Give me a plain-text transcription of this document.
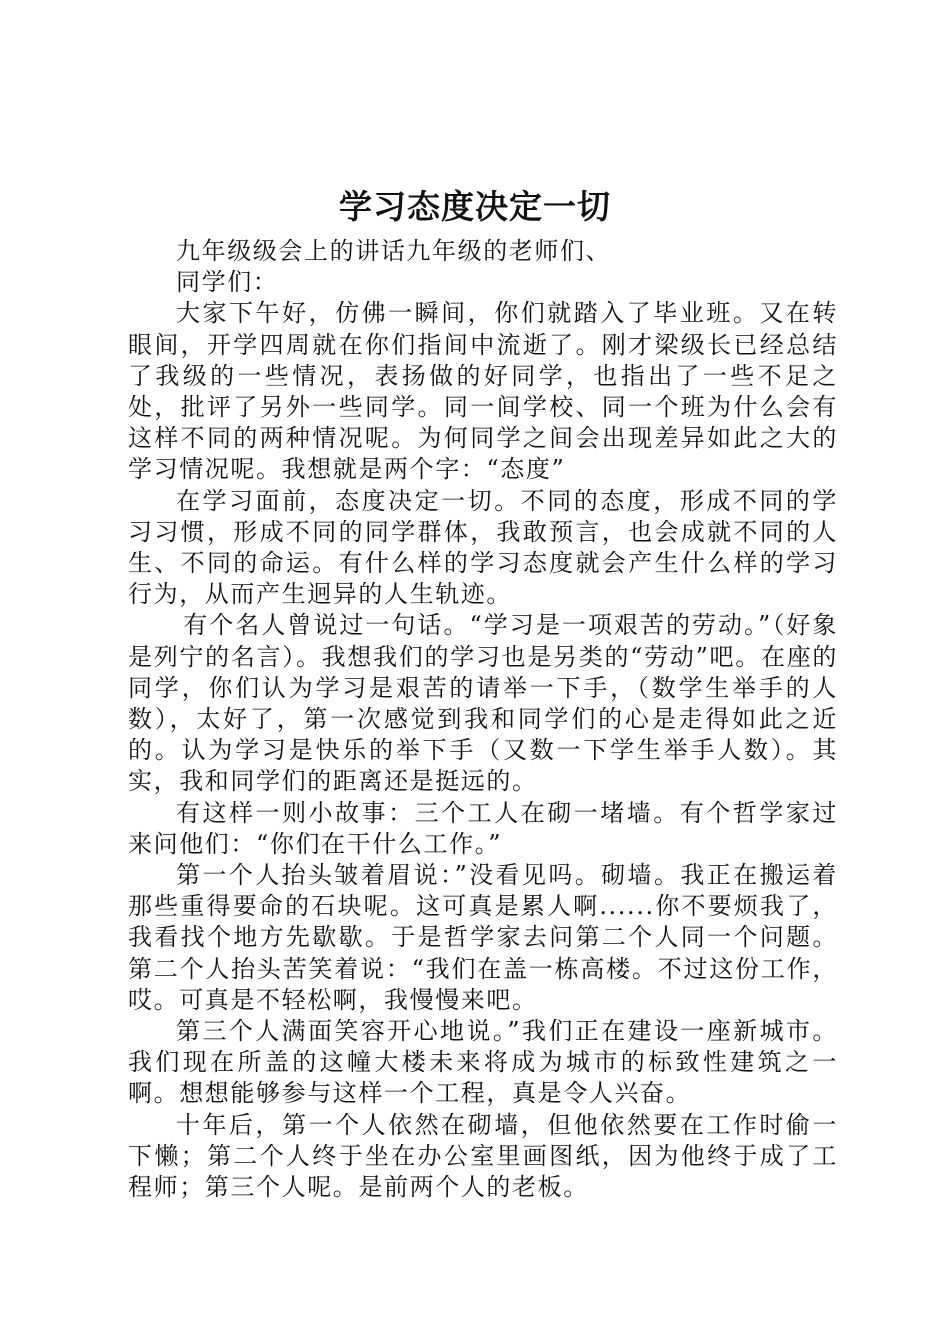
学习态度决定一切

九年级级会上的讲话九年级的老师们、

同学们：

大家下午好，仿佛一瞬间，你们就踏入了毕业班。又在转眼间，开学四周就在你们指间中流逝了。刚才梁级长已经总结了我级的一些情况，表扬做的好同学，也指出了一些不足之处，批评了另外一些同学。同一间学校、同一个班为什么会有这样不同的两种情况呢。为何同学之间会出现差异如此之大的学习情况呢。我想就是两个字：“态度”

在学习面前，态度决定一切。不同的态度，形成不同的学习习惯，形成不同的同学群体，我敢预言，也会成就不同的人生、不同的命运。有什么样的学习态度就会产生什么样的学习行为，从而产生迥异的人生轨迹。

有个名人曾说过一句话。“学习是一项艰苦的劳动。”（好象是列宁的名言）。我想我们的学习也是另类的“劳动”吧。在座的同学，你们认为学习是艰苦的请举一下手，（数学生举手的人数），太好了，第一次感觉到我和同学们的心是走得如此之近的。认为学习是快乐的举下手（又数一下学生举手人数）。其实，我和同学们的距离还是挺远的。

有这样一则小故事：三个工人在砌一堵墙。有个哲学家过来问他们：“你们在干什么工作。”

第一个人抬头皱着眉说：”没看见吗。砌墙。我正在搬运着那些重得要命的石块呢。这可真是累人啊......你不要烦我了，我看找个地方先歇歇。于是哲学家去问第二个人同一个问题。第二个人抬头苦笑着说：“我们在盖一栋高楼。不过这份工作，哎。可真是不轻松啊，我慢慢来吧。

第三个人满面笑容开心地说。”我们正在建设一座新城市。我们现在所盖的这幢大楼未来将成为城市的标致性建筑之一啊。想想能够参与这样一个工程，真是令人兴奋。

十年后，第一个人依然在砌墙，但他依然要在工作时偷一下懒；第二个人终于坐在办公室里画图纸，因为他终于成了工程师；第三个人呢。是前两个人的老板。
